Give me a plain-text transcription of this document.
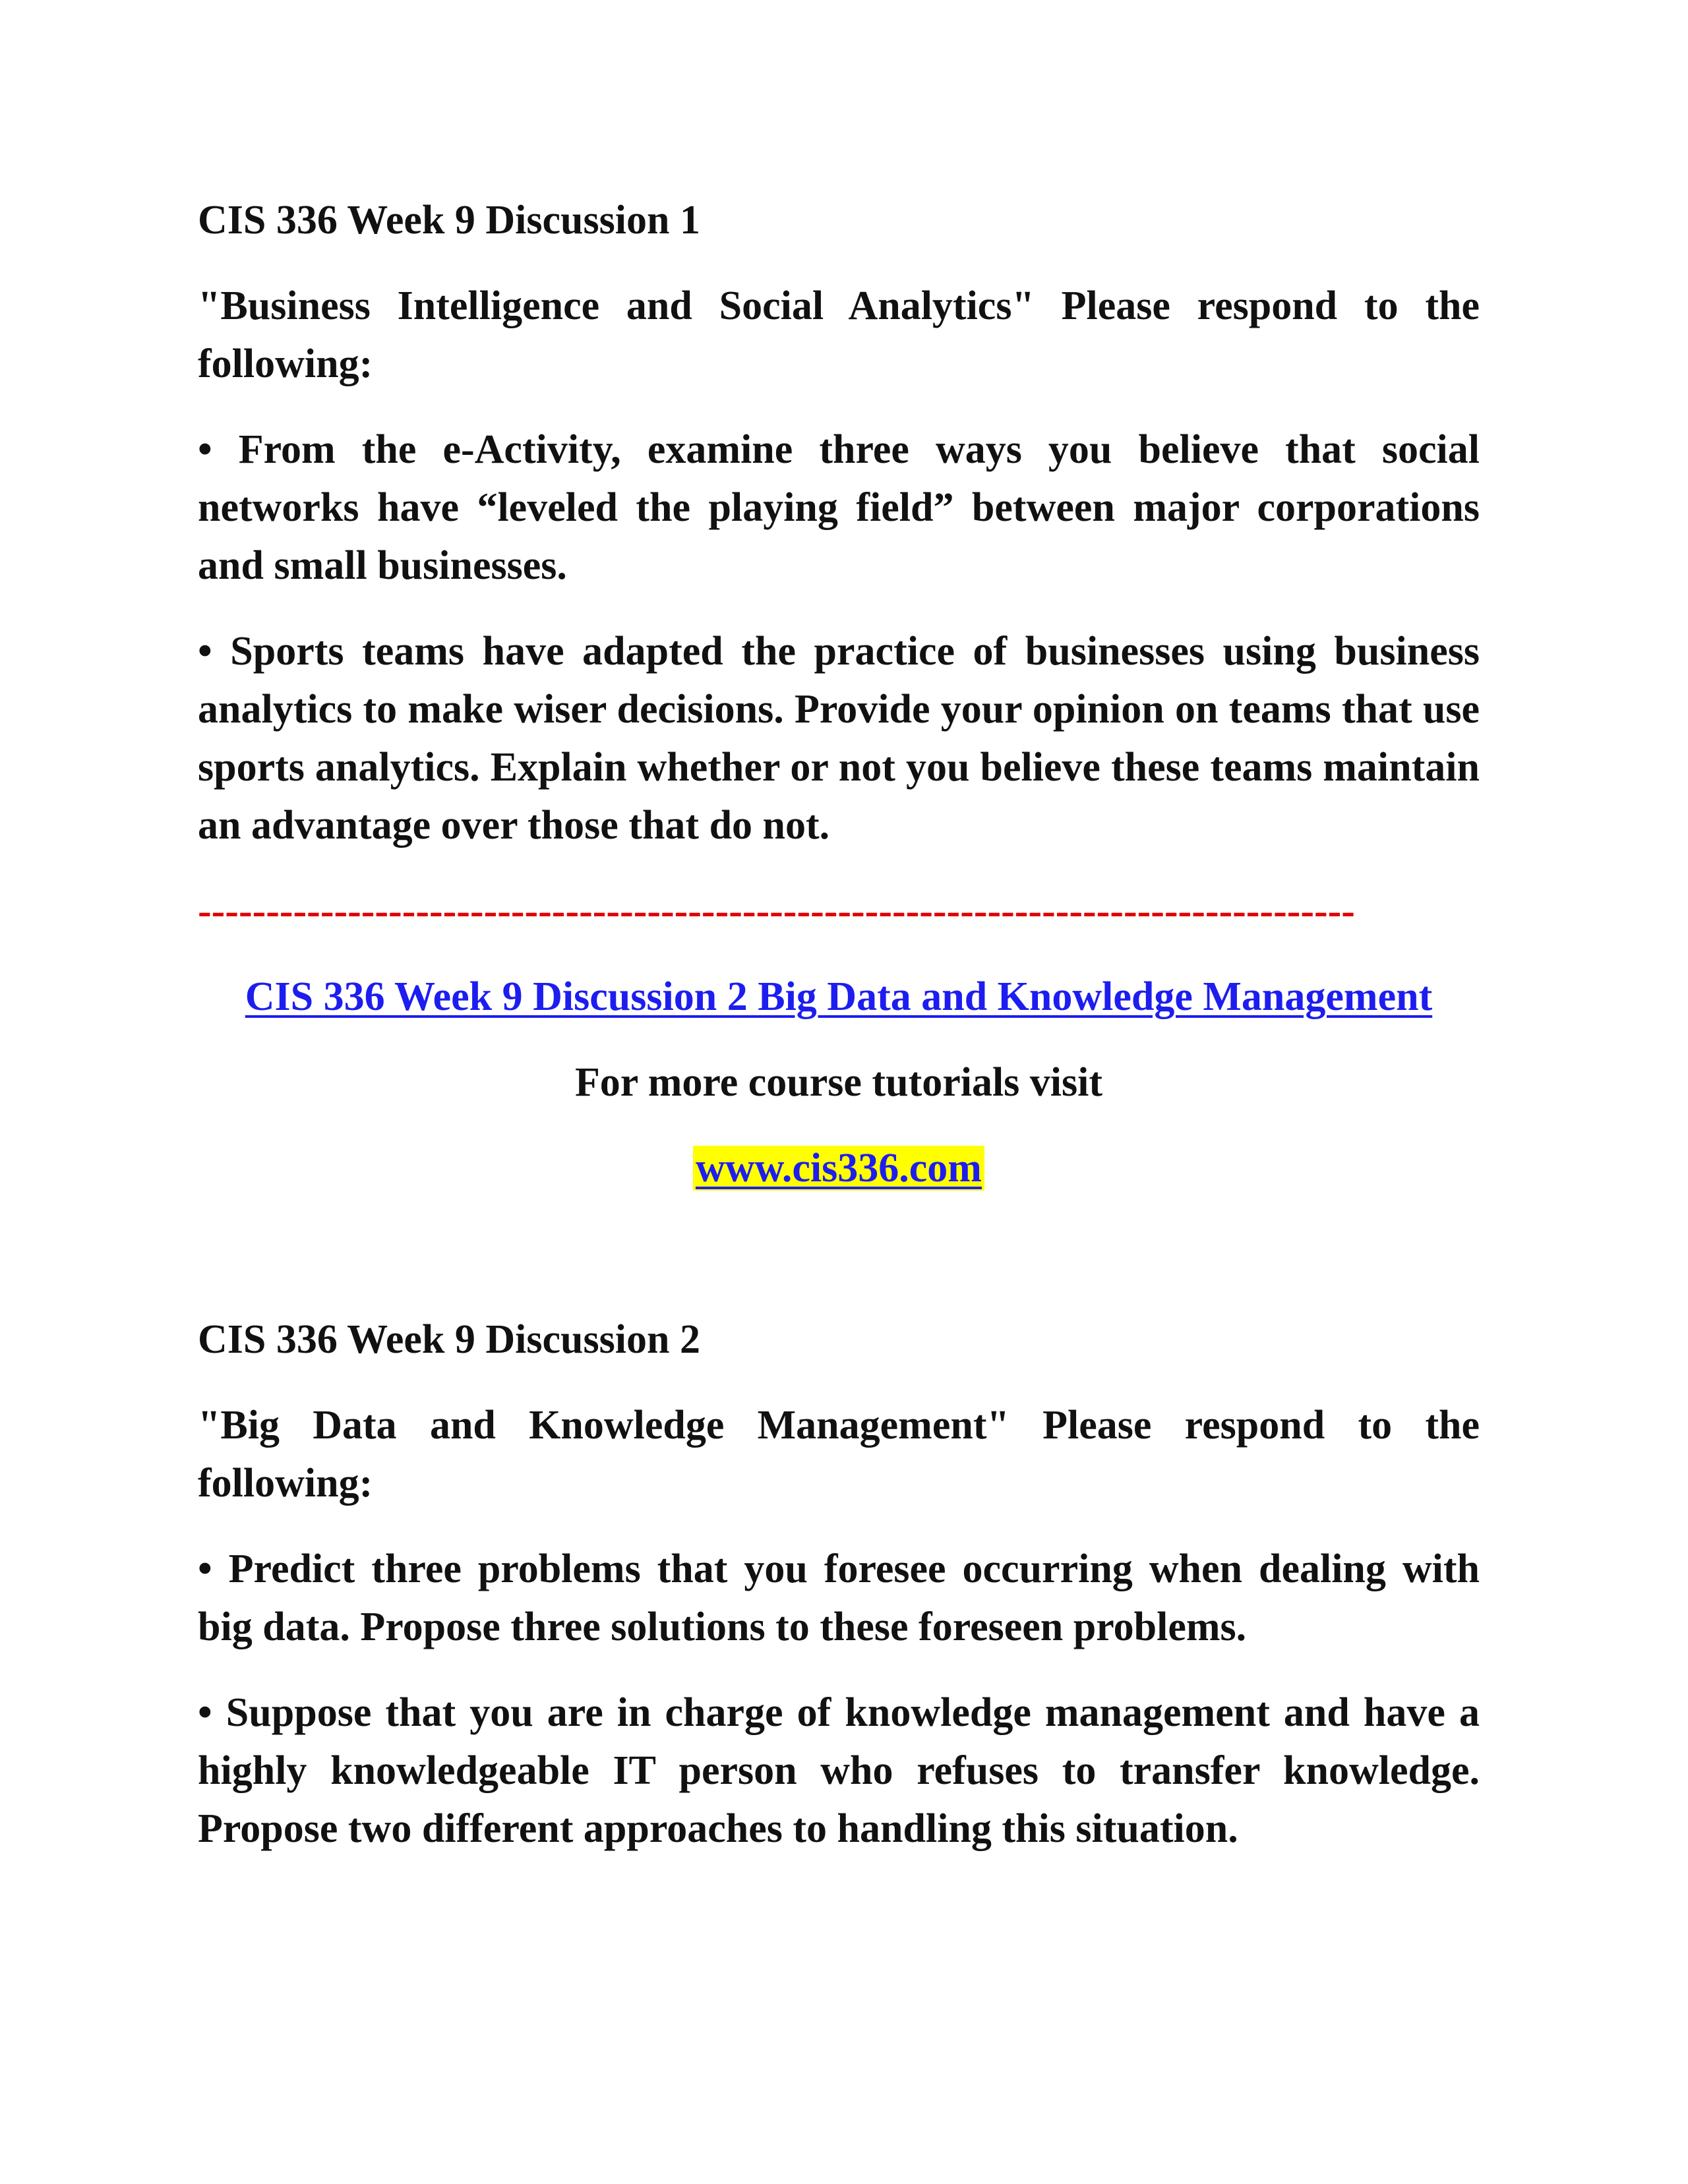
CIS 336 Week 9 Discussion 1

"Business Intelligence and Social Analytics" Please respond to the following:

• From the e-Activity, examine three ways you believe that social networks have “leveled the playing field” between major corporations and small businesses.

• Sports teams have adapted the practice of businesses using business analytics to make wiser decisions. Provide your opinion on teams that use sports analytics. Explain whether or not you believe these teams maintain an advantage over those that do not.

-------------------------------------------------------------------------------------

CIS 336 Week 9 Discussion 2 Big Data and Knowledge Management

For more course tutorials visit

www.cis336.com

CIS 336 Week 9 Discussion 2

"Big Data and Knowledge Management" Please respond to the following:

• Predict three problems that you foresee occurring when dealing with big data. Propose three solutions to these foreseen problems.

• Suppose that you are in charge of knowledge management and have a highly knowledgeable IT person who refuses to transfer knowledge. Propose two different approaches to handling this situation.
